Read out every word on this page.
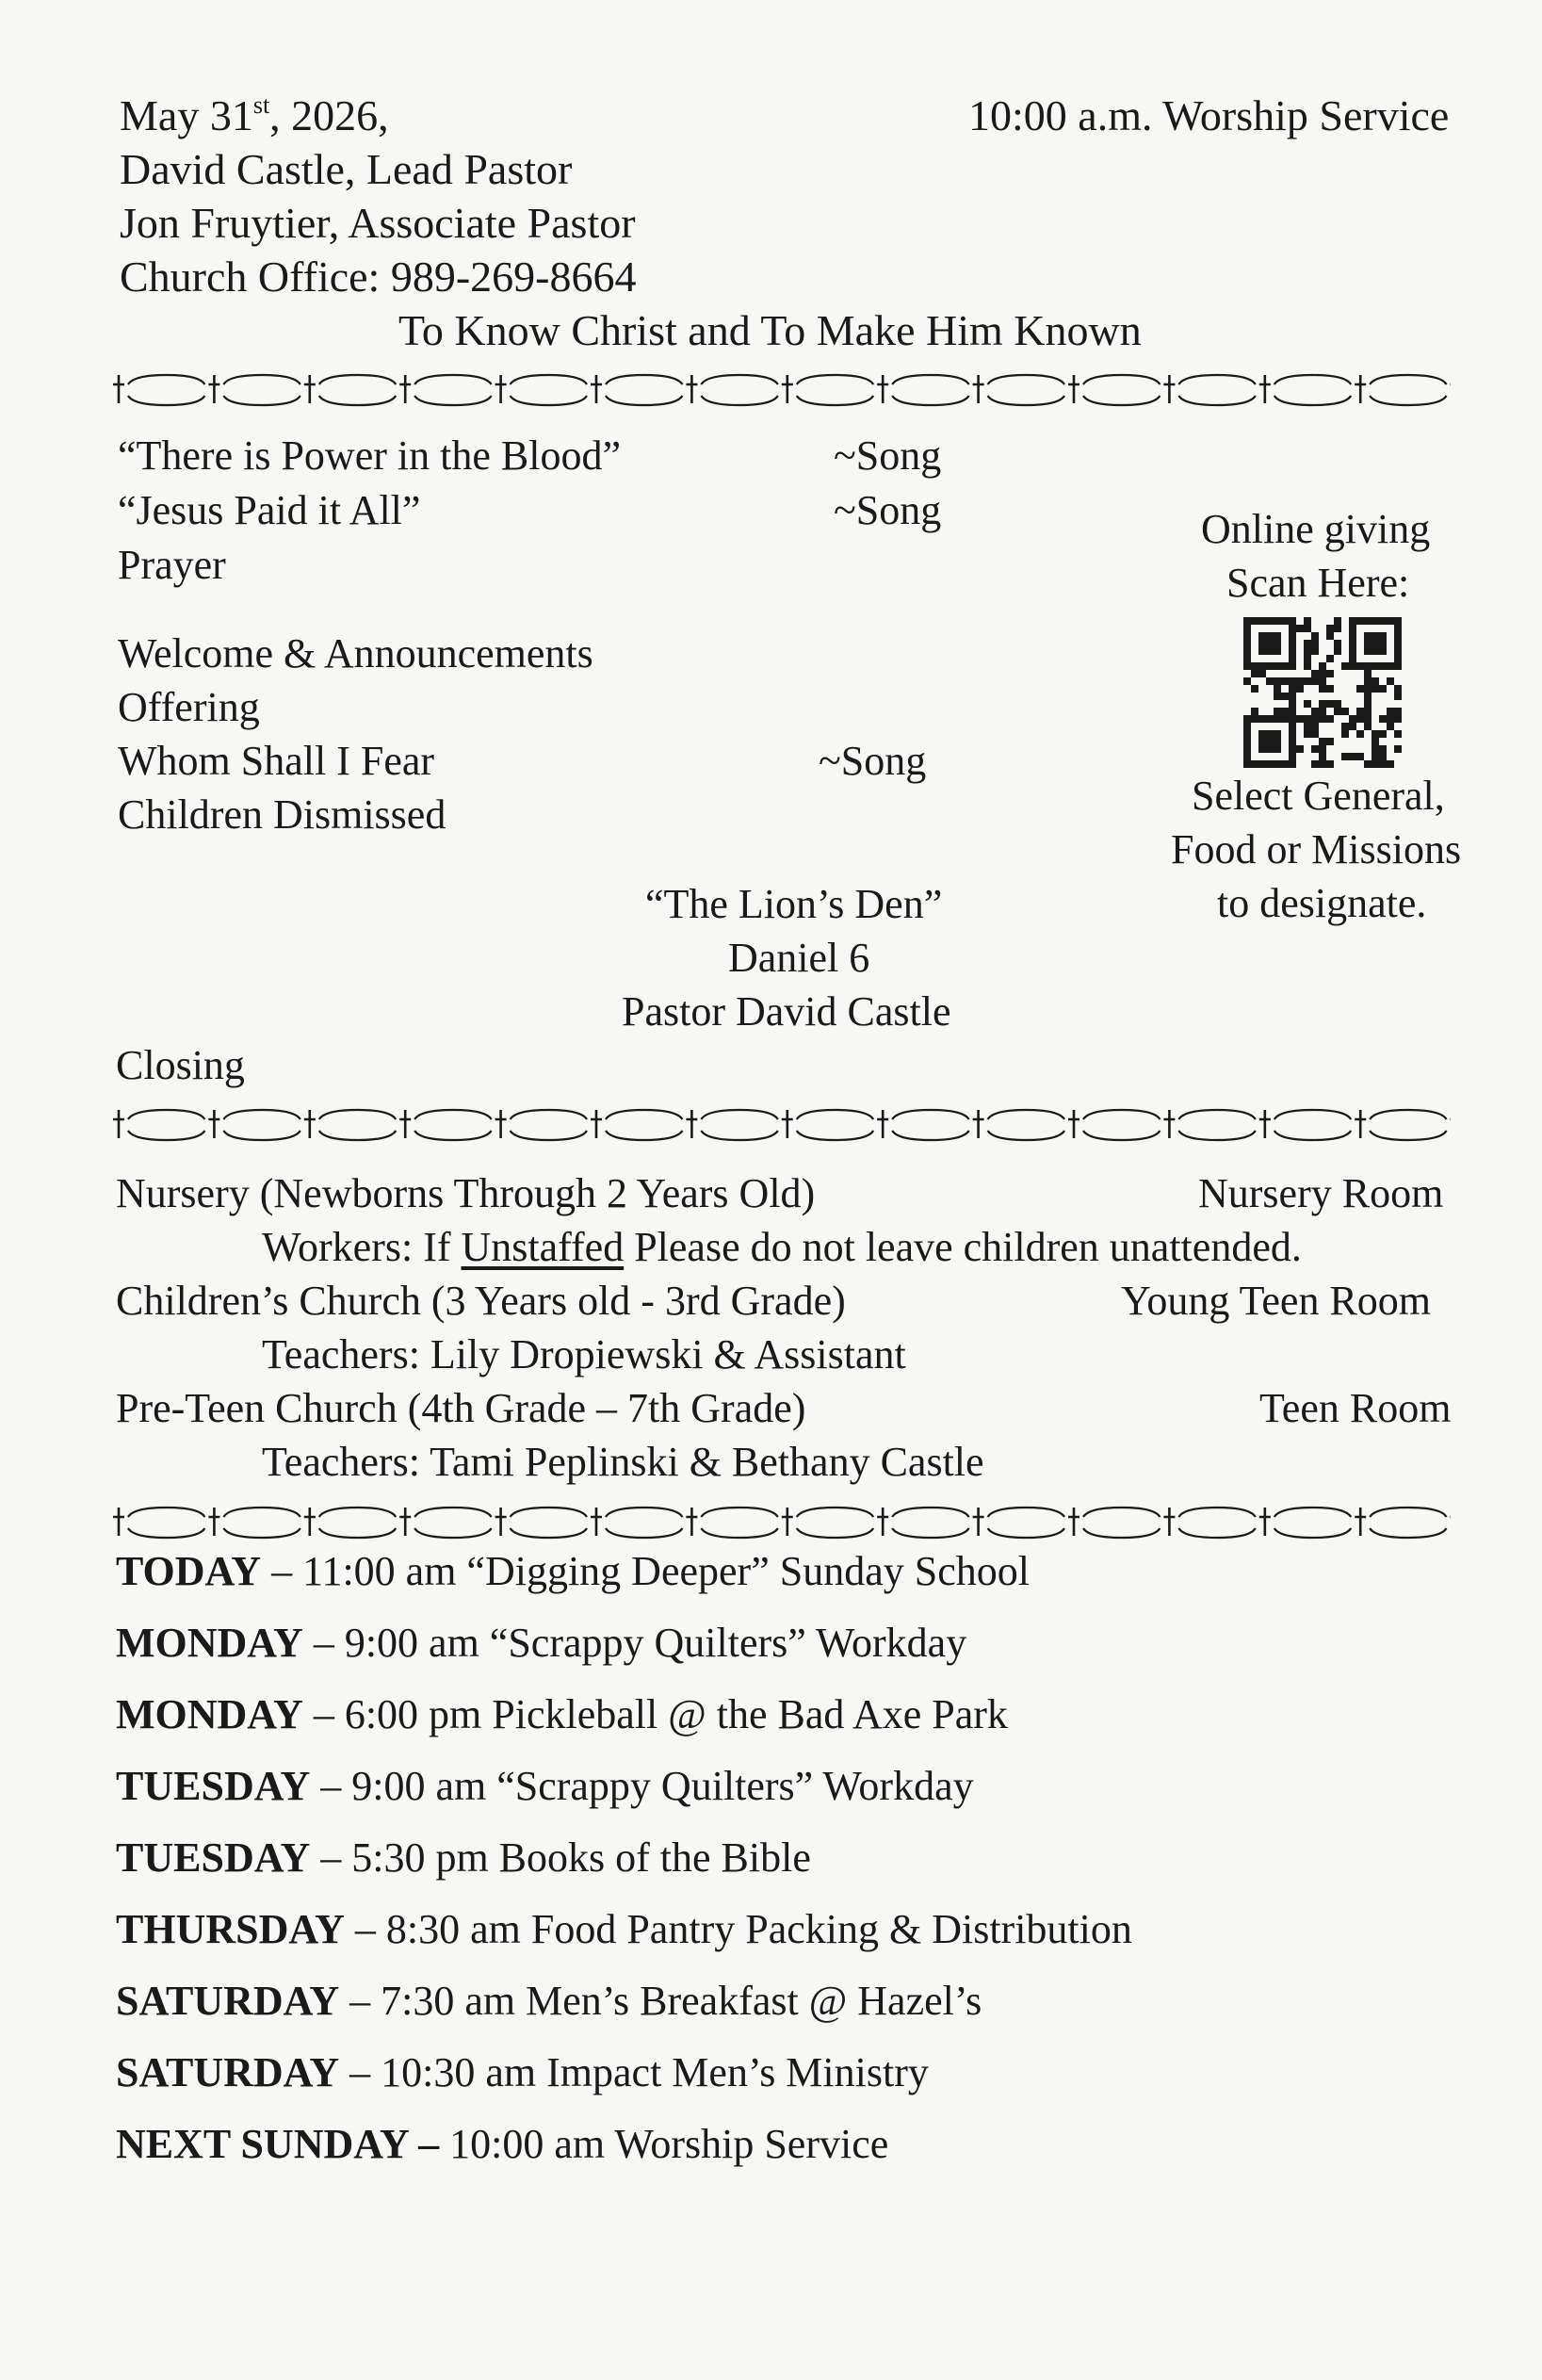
May 31st, 2026,	10:00 a.m. Worship Service
David Castle, Lead Pastor
Jon Fruytier, Associate Pastor
Church Office: 989-269-8664
To Know Christ and To Make Him Known
“There is Power in the Blood”	~Song
“Jesus Paid it All”	~Song
Prayer
Welcome & Announcements
Offering
Whom Shall I Fear	~Song
Children Dismissed
Online giving
Scan Here:
Select General,
Food or Missions
to designate.
“The Lion’s Den”
Daniel 6
Pastor David Castle
Closing
Nursery (Newborns Through 2 Years Old)	Nursery Room
Workers: If Unstaffed Please do not leave children unattended.
Children’s Church (3 Years old - 3rd Grade)	Young Teen Room
Teachers: Lily Dropiewski & Assistant
Pre-Teen Church (4th Grade – 7th Grade)	Teen Room
Teachers: Tami Peplinski & Bethany Castle
TODAY – 11:00 am “Digging Deeper” Sunday School
MONDAY – 9:00 am “Scrappy Quilters” Workday
MONDAY – 6:00 pm Pickleball @ the Bad Axe Park
TUESDAY – 9:00 am “Scrappy Quilters” Workday
TUESDAY – 5:30 pm Books of the Bible
THURSDAY – 8:30 am Food Pantry Packing & Distribution
SATURDAY – 7:30 am Men’s Breakfast @ Hazel’s
SATURDAY – 10:30 am Impact Men’s Ministry
NEXT SUNDAY – 10:00 am Worship Service
